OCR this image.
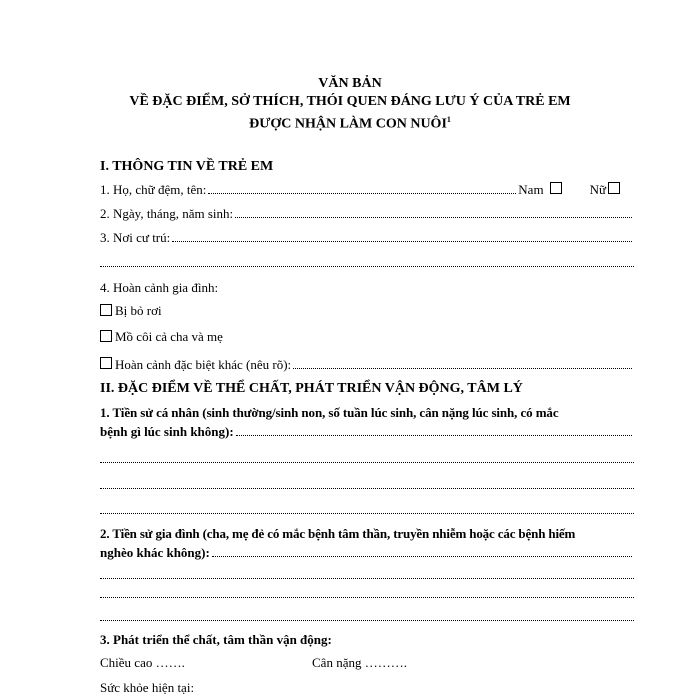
VĂN BẢN
VỀ ĐẶC ĐIỂM, SỞ THÍCH, THÓI QUEN ĐÁNG LƯU Ý CỦA TRẺ EM
ĐƯỢC NHẬN LÀM CON NUÔI$^1$
I. THÔNG TIN VỀ TRẺ EM
1. Họ, chữ đệm, tên:	Nam	Nữ
2. Ngày, tháng, năm sinh:
3. Nơi cư trú:
4. Hoàn cảnh gia đình:
Bị bỏ rơi
Mồ côi cả cha và mẹ
Hoàn cảnh đặc biệt khác (nêu rõ):
II. ĐẶC ĐIỂM VỀ THỂ CHẤT, PHÁT TRIỂN VẬN ĐỘNG, TÂM LÝ
1. Tiền sử cá nhân (sinh thường/sinh non, số tuần lúc sinh, cân nặng lúc sinh, có mắc
bệnh gì lúc sinh không):
2. Tiền sử gia đình (cha, mẹ đẻ có mắc bệnh tâm thần, truyền nhiễm hoặc các bệnh hiếm
nghèo khác không):
3. Phát triển thể chất, tâm thần vận động:
Chiều cao …….	Cân nặng ……….
Sức khỏe hiện tại:
